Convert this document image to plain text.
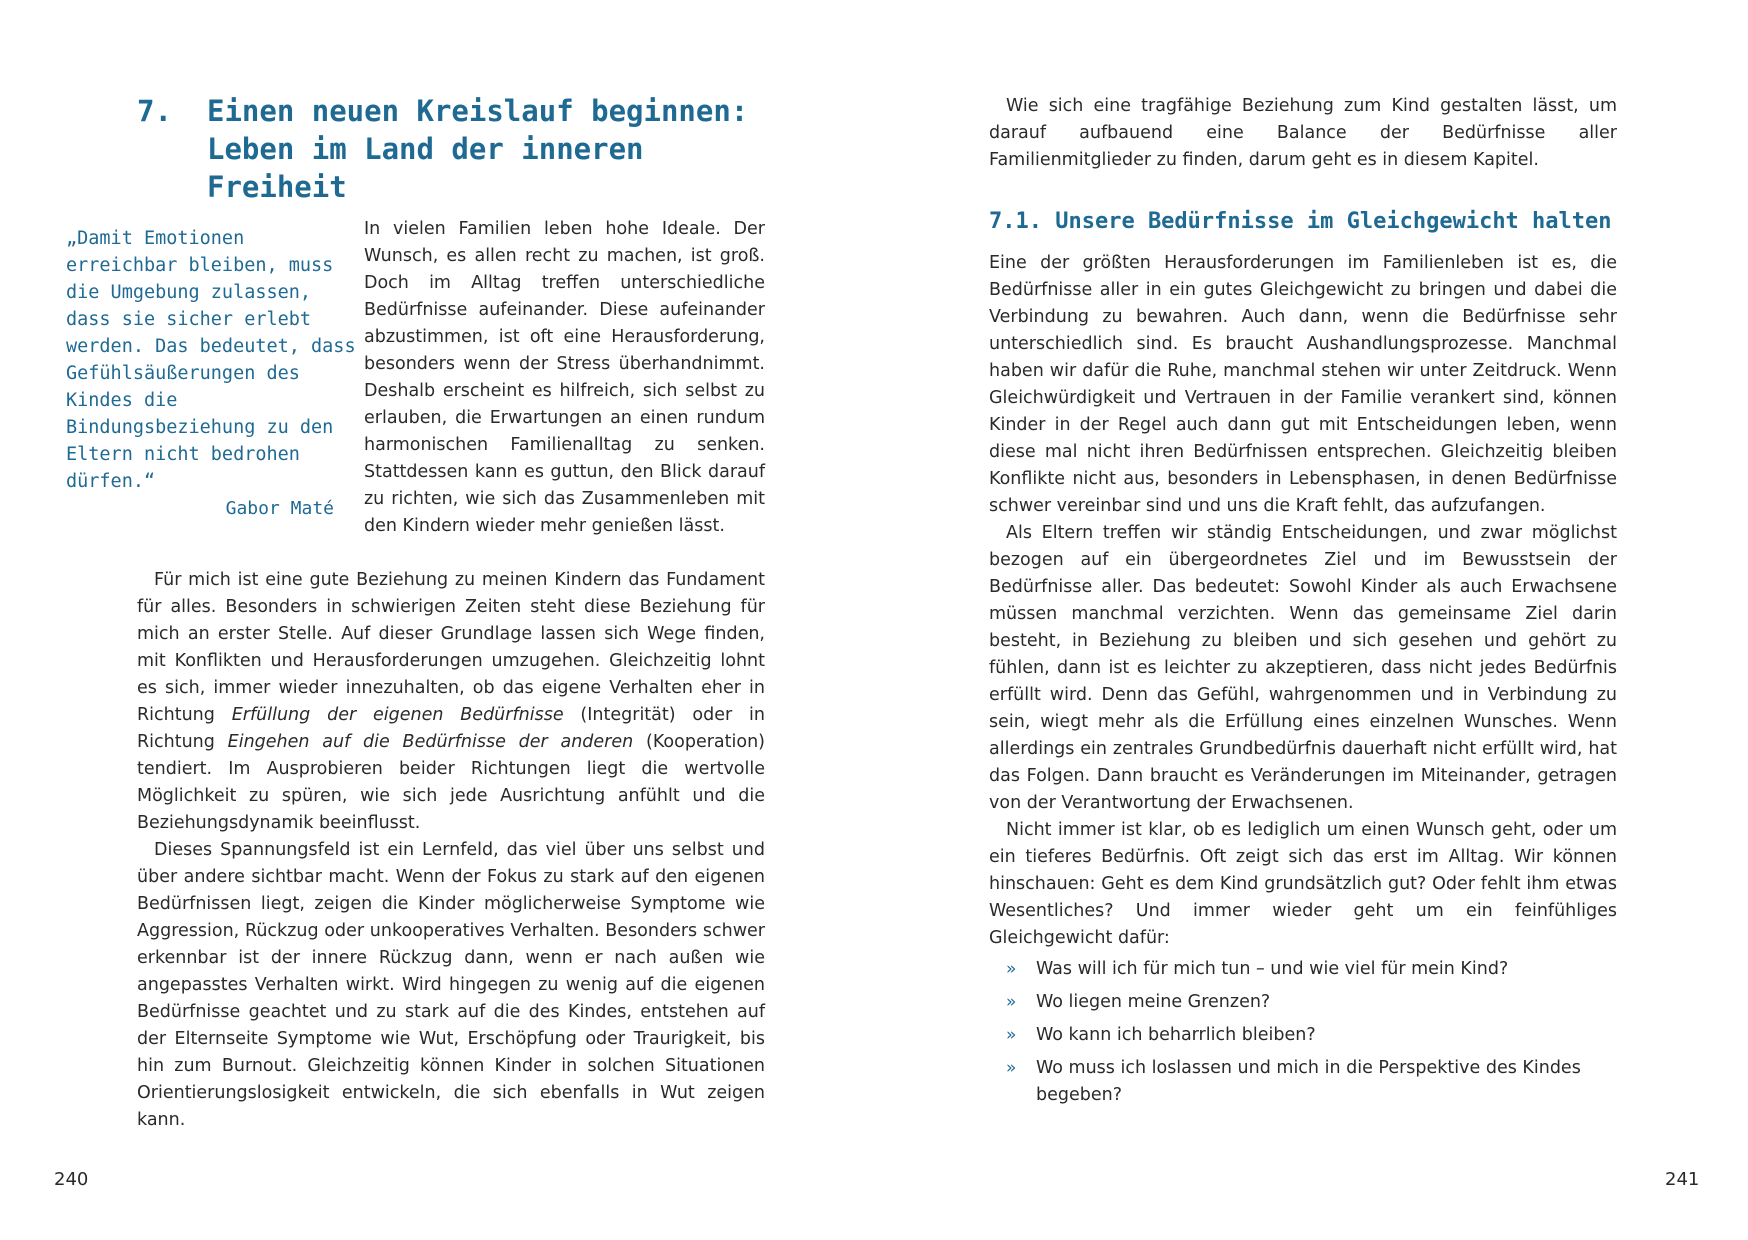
7. Einen neuen Kreislauf beginnen: Leben im Land der inneren Freiheit
„Damit Emotionen erreichbar bleiben, muss die Umgebung zulassen, dass sie sicher erlebt werden. Das bedeutet, dass Gefühlsäußerungen des Kindes die Bindungsbeziehung zu den Eltern nicht bedrohen dürfen.“
Gabor Maté

In vielen Familien leben hohe Ideale. Der Wunsch, es allen recht zu machen, ist groß. Doch im Alltag treffen unterschiedliche Bedürfnisse aufeinander. Diese aufeinander abzustimmen, ist oft eine Herausforderung, besonders wenn der Stress überhandnimmt. Deshalb erscheint es hilfreich, sich selbst zu erlauben, die Erwartungen an einen rundum harmonischen Familienalltag zu senken. Stattdessen kann es guttun, den Blick darauf zu richten, wie sich das Zusammenleben mit den Kindern wieder mehr genießen lässt.

Für mich ist eine gute Beziehung zu meinen Kindern das Fundament für alles. Besonders in schwierigen Zeiten steht diese Beziehung für mich an erster Stelle. Auf dieser Grundlage lassen sich Wege finden, mit Konflikten und Herausforderungen umzugehen. Gleichzeitig lohnt es sich, immer wieder innezuhalten, ob das eigene Verhalten eher in Richtung Erfüllung der eigenen Bedürfnisse (Integrität) oder in Richtung Eingehen auf die Bedürfnisse der anderen (Kooperation) tendiert. Im Ausprobieren beider Richtungen liegt die wertvolle Möglichkeit zu spüren, wie sich jede Ausrichtung anfühlt und die Beziehungsdynamik beeinflusst.

Dieses Spannungsfeld ist ein Lernfeld, das viel über uns selbst und über andere sichtbar macht. Wenn der Fokus zu stark auf den eigenen Bedürfnissen liegt, zeigen die Kinder möglicherweise Symptome wie Aggression, Rückzug oder unkooperatives Verhalten. Besonders schwer erkennbar ist der innere Rückzug dann, wenn er nach außen wie angepasstes Verhalten wirkt. Wird hingegen zu wenig auf die eigenen Bedürfnisse geachtet und zu stark auf die des Kindes, entstehen auf der Elternseite Symptome wie Wut, Erschöpfung oder Traurigkeit, bis hin zum Burnout. Gleichzeitig können Kinder in solchen Situationen Orientierungslosigkeit entwickeln, die sich ebenfalls in Wut zeigen kann.

240

Wie sich eine tragfähige Beziehung zum Kind gestalten lässt, um darauf aufbauend eine Balance der Bedürfnisse aller Familienmitglieder zu finden, darum geht es in diesem Kapitel.

7.1. Unsere Bedürfnisse im Gleichgewicht halten

Eine der größten Herausforderungen im Familienleben ist es, die Bedürfnisse aller in ein gutes Gleichgewicht zu bringen und dabei die Verbindung zu bewahren. Auch dann, wenn die Bedürfnisse sehr unterschiedlich sind. Es braucht Aushandlungsprozesse. Manchmal haben wir dafür die Ruhe, manchmal stehen wir unter Zeitdruck. Wenn Gleichwürdigkeit und Vertrauen in der Familie verankert sind, können Kinder in der Regel auch dann gut mit Entscheidungen leben, wenn diese mal nicht ihren Bedürfnissen entsprechen. Gleichzeitig bleiben Konflikte nicht aus, besonders in Lebensphasen, in denen Bedürfnisse schwer vereinbar sind und uns die Kraft fehlt, das aufzufangen.

Als Eltern treffen wir ständig Entscheidungen, und zwar möglichst bezogen auf ein übergeordnetes Ziel und im Bewusstsein der Bedürfnisse aller. Das bedeutet: Sowohl Kinder als auch Erwachsene müssen manchmal verzichten. Wenn das gemeinsame Ziel darin besteht, in Beziehung zu bleiben und sich gesehen und gehört zu fühlen, dann ist es leichter zu akzeptieren, dass nicht jedes Bedürfnis erfüllt wird. Denn das Gefühl, wahrgenommen und in Verbindung zu sein, wiegt mehr als die Erfüllung eines einzelnen Wunsches. Wenn allerdings ein zentrales Grundbedürfnis dauerhaft nicht erfüllt wird, hat das Folgen. Dann braucht es Veränderungen im Miteinander, getragen von der Verantwortung der Erwachsenen.

Nicht immer ist klar, ob es lediglich um einen Wunsch geht, oder um ein tieferes Bedürfnis. Oft zeigt sich das erst im Alltag. Wir können hinschauen: Geht es dem Kind grundsätzlich gut? Oder fehlt ihm etwas Wesentliches? Und immer wieder geht um ein feinfühliges Gleichgewicht dafür:

» Was will ich für mich tun – und wie viel für mein Kind?
» Wo liegen meine Grenzen?
» Wo kann ich beharrlich bleiben?
» Wo muss ich loslassen und mich in die Perspektive des Kindes begeben?
241
